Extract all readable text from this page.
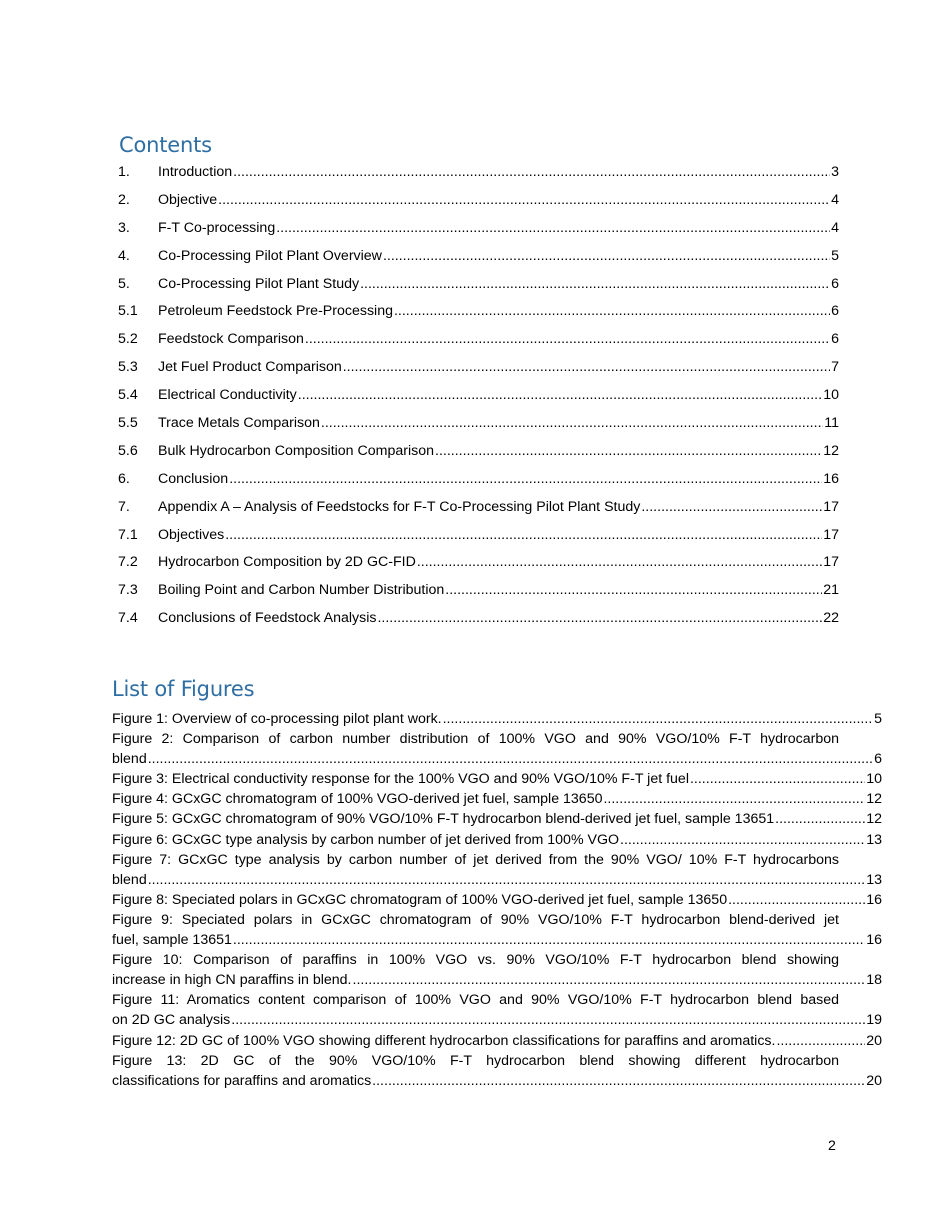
Contents
1.	Introduction .....	3
2.	Objective .....	4
3.	F-T Co-processing .....	4
4.	Co-Processing Pilot Plant Overview .....	5
5.	Co-Processing Pilot Plant Study .....	6
5.1	Petroleum Feedstock Pre-Processing .....	6
5.2	Feedstock Comparison .....	6
5.3	Jet Fuel Product Comparison .....	7
5.4	Electrical Conductivity .....	10
5.5	Trace Metals Comparison .....	11
5.6	Bulk Hydrocarbon Composition Comparison .....	12
6.	Conclusion .....	16
7.	Appendix A – Analysis of Feedstocks for F-T Co-Processing Pilot Plant Study .....	17
7.1	Objectives .....	17
7.2	Hydrocarbon Composition by 2D GC-FID .....	17
7.3	Boiling Point and Carbon Number Distribution .....	21
7.4	Conclusions of Feedstock Analysis .....	22
List of Figures
Figure 1: Overview of co-processing pilot plant work. .....	5
Figure 2: Comparison of carbon number distribution of 100% VGO and 90% VGO/10% F-T hydrocarbon
blend .....	6
Figure 3: Electrical conductivity response for the 100% VGO and 90% VGO/10% F-T jet fuel .....	10
Figure 4: GCxGC chromatogram of 100% VGO-derived jet fuel, sample 13650 .....	12
Figure 5: GCxGC chromatogram of 90% VGO/10% F-T hydrocarbon blend-derived jet fuel, sample 13651 .....	12
Figure 6: GCxGC type analysis by carbon number of jet derived from 100% VGO .....	13
Figure 7: GCxGC type analysis by carbon number of jet derived from the 90% VGO/ 10% F-T hydrocarbons
blend .....	13
Figure 8: Speciated polars in GCxGC chromatogram of 100% VGO-derived jet fuel, sample 13650 .....	16
Figure 9: Speciated polars in GCxGC chromatogram of 90% VGO/10% F-T hydrocarbon blend-derived jet
fuel, sample 13651 .....	16
Figure 10: Comparison of paraffins in 100% VGO vs. 90% VGO/10% F-T hydrocarbon blend showing
increase in high CN paraffins in blend. .....	18
Figure 11: Aromatics content comparison of 100% VGO and 90% VGO/10% F-T hydrocarbon blend based
on 2D GC analysis .....	19
Figure 12: 2D GC of 100% VGO showing different hydrocarbon classifications for paraffins and aromatics. .....	20
Figure 13: 2D GC of the 90% VGO/10% F-T hydrocarbon blend showing different hydrocarbon
classifications for paraffins and aromatics .....	20
2
